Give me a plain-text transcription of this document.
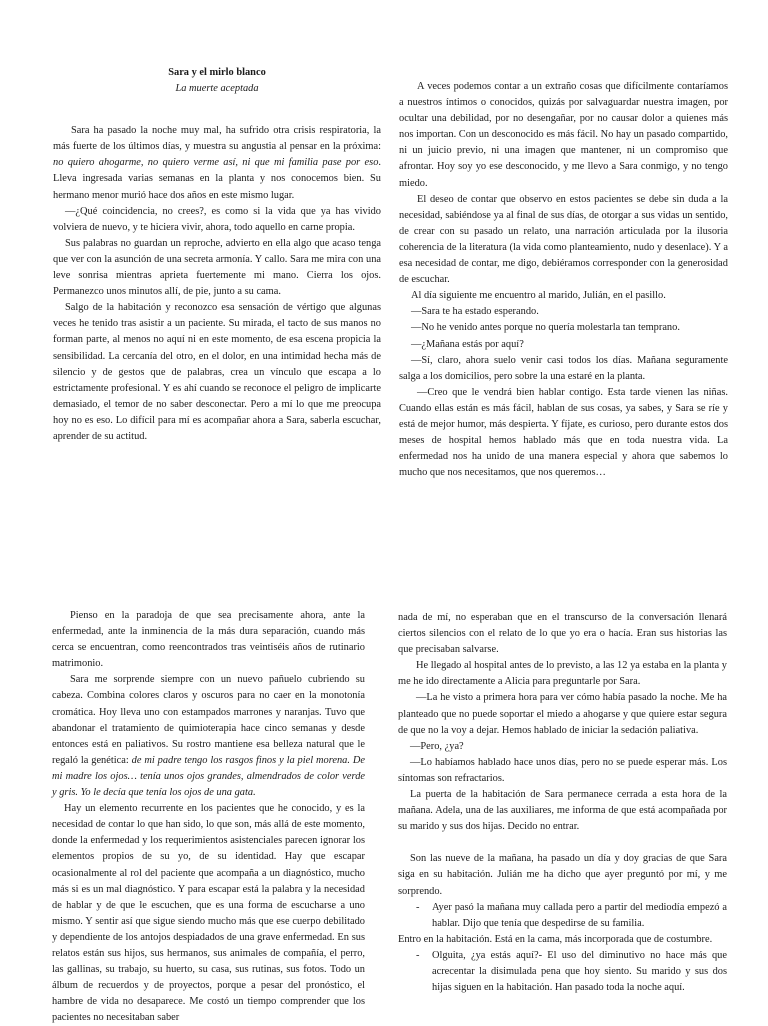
Sara y el mirlo blanco

La muerte aceptada

Sara ha pasado la noche muy mal, ha sufrido otra crisis respiratoria, la más fuerte de los últimos días, y muestra su angustia al pensar en la próxima: no quiero ahogarme, no quiero verme así, ni que mi familia pase por eso. Lleva ingresada varias semanas en la planta y nos conocemos bien. Su hermano menor murió hace dos años en este mismo lugar.

—¿Qué coincidencia, no crees?, es como si la vida que ya has vivido volviera de nuevo, y te hiciera vivir, ahora, todo aquello en carne propia.

Sus palabras no guardan un reproche, advierto en ella algo que acaso tenga que ver con la asunción de una secreta armonía. Y callo. Sara me mira con una leve sonrisa mientras aprieta fuertemente mi mano. Cierra los ojos. Permanezco unos minutos allí, de pie, junto a su cama.

Salgo de la habitación y reconozco esa sensación de vértigo que algunas veces he tenido tras asistir a un paciente. Su mirada, el tacto de sus manos no forman parte, al menos no aquí ni en este momento, de esa escena propicia la sensibilidad. La cercanía del otro, en el dolor, en una intimidad hecha más de silencio y de gestos que de palabras, crea un vínculo que escapa a lo estrictamente profesional. Y es ahí cuando se reconoce el peligro de implicarte demasiado, el temor de no saber desconectar. Pero a mí lo que me preocupa hoy no es eso. Lo difícil para mí es acompañar ahora a Sara, saberla escuchar, aprender de su actitud.

A veces podemos contar a un extraño cosas que difícilmente contaríamos a nuestros íntimos o conocidos, quizás por salvaguardar nuestra imagen, por ocultar una debilidad, por no desengañar, por no causar dolor a quienes más nos importan. Con un desconocido es más fácil. No hay un pasado compartido, ni un juicio previo, ni una imagen que mantener, ni un compromiso que afrontar. Hoy soy yo ese desconocido, y me llevo a Sara conmigo, y no tengo miedo.

El deseo de contar que observo en estos pacientes se debe sin duda a la necesidad, sabiéndose ya al final de sus días, de otorgar a sus vidas un sentido, de crear con su pasado un relato, una narración articulada por la ilusoria coherencia de la literatura (la vida como planteamiento, nudo y desenlace). Y a esa necesidad de contar, me digo, debiéramos corresponder con la generosidad de escuchar.

Al día siguiente me encuentro al marido, Julián, en el pasillo.

—Sara te ha estado esperando.

—No he venido antes porque no quería molestarla tan temprano.

—¿Mañana estás por aquí?

—Sí, claro, ahora suelo venir casi todos los días. Mañana seguramente salga a los domicilios, pero sobre la una estaré en la planta.

—Creo que le vendrá bien hablar contigo. Esta tarde vienen las niñas. Cuando ellas están es más fácil, hablan de sus cosas, ya sabes, y Sara se ríe y está de mejor humor, más despierta. Y fíjate, es curioso, pero durante estos dos meses de hospital hemos hablado más que en toda nuestra vida. La enfermedad nos ha unido de una manera especial y ahora que sabemos lo mucho que nos necesitamos, que nos queremos…

Pienso en la paradoja de que sea precisamente ahora, ante la enfermedad, ante la inminencia de la más dura separación, cuando más cerca se encuentran, como reencontrados tras veintiséis años de rutinario matrimonio.

Sara me sorprende siempre con un nuevo pañuelo cubriendo su cabeza. Combina colores claros y oscuros para no caer en la monotonía cromática. Hoy lleva uno con estampados marrones y naranjas. Tuvo que abandonar el tratamiento de quimioterapia hace cinco semanas y desde entonces está en paliativos. Su rostro mantiene esa belleza natural que le regaló la genética: de mi padre tengo los rasgos finos y la piel morena. De mi madre los ojos… tenía unos ojos grandes, almendrados de color verde y gris. Yo le decía que tenía los ojos de una gata.

Hay un elemento recurrente en los pacientes que he conocido, y es la necesidad de contar lo que han sido, lo que son, más allá de este momento, donde la enfermedad y los requerimientos asistenciales parecen ignorar los elementos propios de su yo, de su identidad. Hay que escapar ocasionalmente al rol del paciente que acompaña a un diagnóstico, mucho más si es un mal diagnóstico. Y para escapar está la palabra y la necesidad de hablar y de que le escuchen, que es una forma de escucharse a uno mismo. Y sentir así que sigue siendo mucho más que ese cuerpo debilitado y dependiente de los antojos despiadados de una grave enfermedad. En sus relatos están sus hijos, sus hermanos, sus animales de compañía, el perro, las gallinas, su trabajo, su huerto, su casa, sus rutinas, sus fotos. Todo un álbum de recuerdos y de proyectos, porque a pesar del pronóstico, el hambre de vida no desaparece. Me costó un tiempo comprender que los pacientes no necesitaban saber

nada de mí, no esperaban que en el transcurso de la conversación llenará ciertos silencios con el relato de lo que yo era o hacía. Eran sus historias las que precisaban salvarse.

He llegado al hospital antes de lo previsto, a las 12 ya estaba en la planta y me he ido directamente a Alicia para preguntarle por Sara.

—La he visto a primera hora para ver cómo había pasado la noche. Me ha planteado que no puede soportar el miedo a ahogarse y que quiere estar segura de que no la voy a dejar. Hemos hablado de iniciar la sedación paliativa.

—Pero, ¿ya?

—Lo habíamos hablado hace unos días, pero no se puede esperar más. Los síntomas son refractarios.

La puerta de la habitación de Sara permanece cerrada a esta hora de la mañana. Adela, una de las auxiliares, me informa de que está acompañada por su marido y sus dos hijas. Decido no entrar.

Son las nueve de la mañana, ha pasado un día y doy gracias de que Sara siga en su habitación. Julián me ha dicho que ayer preguntó por mí, y me sorprendo.

-	Ayer pasó la mañana muy callada pero a partir del mediodía empezó a hablar. Dijo que tenía que despedirse de su familia.

Entro en la habitación. Está en la cama, más incorporada que de costumbre.

-	Olguita, ¿ya estás aquí?- El uso del diminutivo no hace más que acrecentar la disimulada pena que hoy siento. Su marido y sus dos hijas siguen en la habitación. Han pasado toda la noche aquí.
